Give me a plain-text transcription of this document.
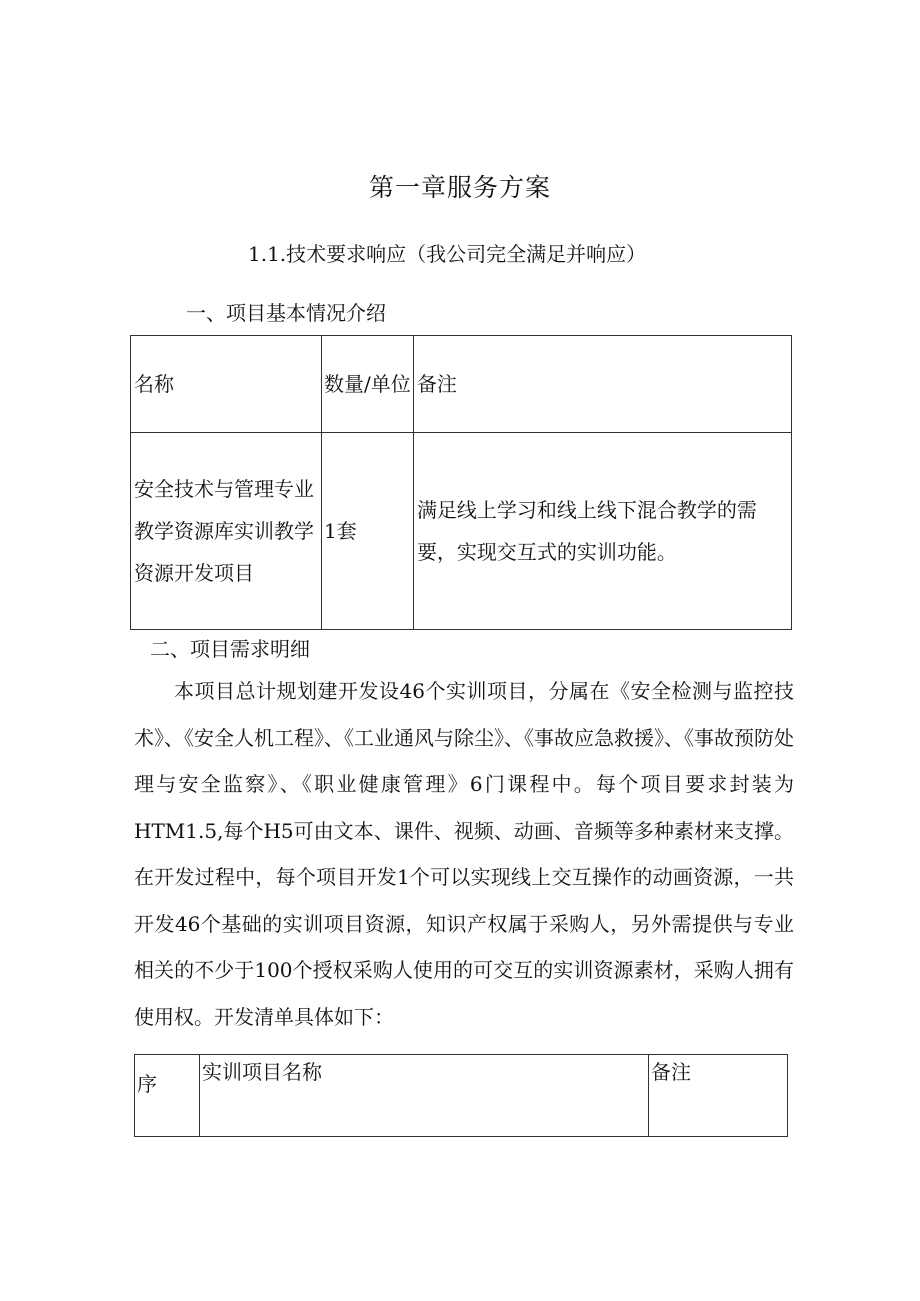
第一章服务方案
1.1.技术要求响应（我公司完全满足并响应）
一、项目基本情况介绍
名称	数量/单位	备注
安全技术与管理专业教学资源库实训教学资源开发项目	1套	满足线上学习和线上线下混合教学的需要，实现交互式的实训功能。
二、项目需求明细

本项目总计规划建开发设46个实训项目，分属在《安全检测与监控技术》、《安全人机工程》、《工业通风与除尘》、《事故应急救援》、《事故预防处理与安全监察》、《职业健康管理》6门课程中。每个项目要求封装为HTM1.5,每个H5可由文本、课件、视频、动画、音频等多种素材来支撑。在开发过程中，每个项目开发1个可以实现线上交互操作的动画资源，一共开发46个基础的实训项目资源，知识产权属于采购人，另外需提供与专业相关的不少于100个授权采购人使用的可交互的实训资源素材，采购人拥有使用权。开发清单具体如下：

序	实训项目名称	备注
